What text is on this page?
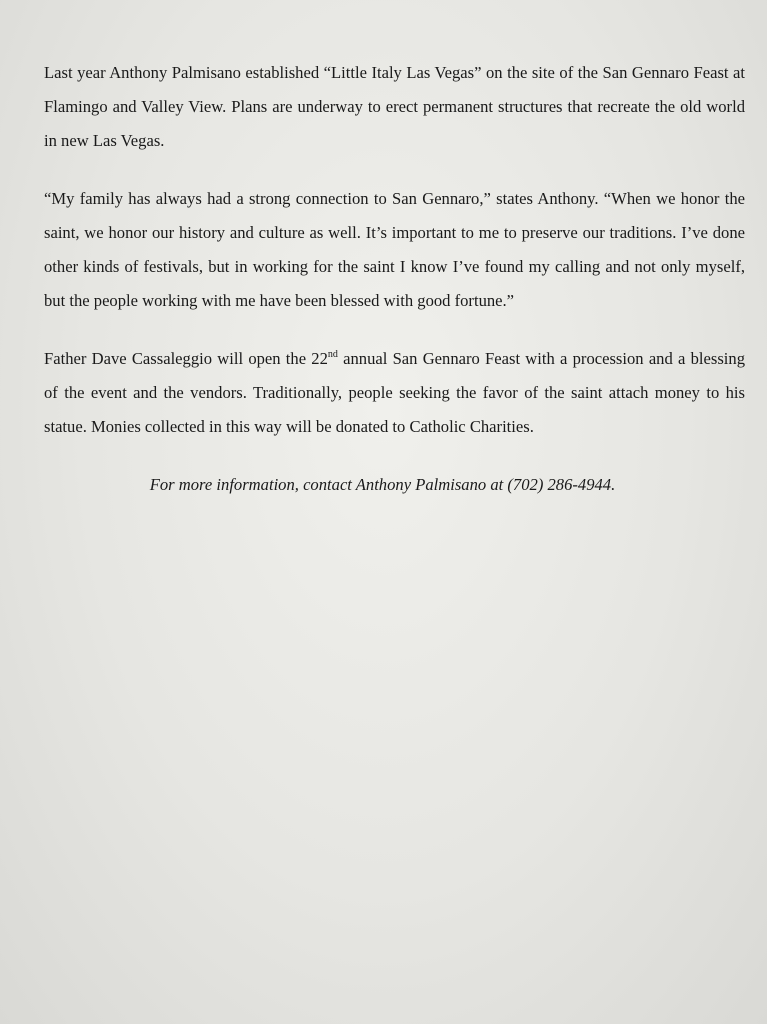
Last year Anthony Palmisano established “Little Italy Las Vegas” on the site of the San Gennaro Feast at Flamingo and Valley View. Plans are underway to erect permanent structures that recreate the old world in new Las Vegas.

“My family has always had a strong connection to San Gennaro,” states Anthony. “When we honor the saint, we honor our history and culture as well. It’s important to me to preserve our traditions. I’ve done other kinds of festivals, but in working for the saint I know I’ve found my calling and not only myself, but the people working with me have been blessed with good fortune.”

Father Dave Cassaleggio will open the 22nd annual San Gennaro Feast with a procession and a blessing of the event and the vendors. Traditionally, people seeking the favor of the saint attach money to his statue. Monies collected in this way will be donated to Catholic Charities.

For more information, contact Anthony Palmisano at (702) 286-4944.
